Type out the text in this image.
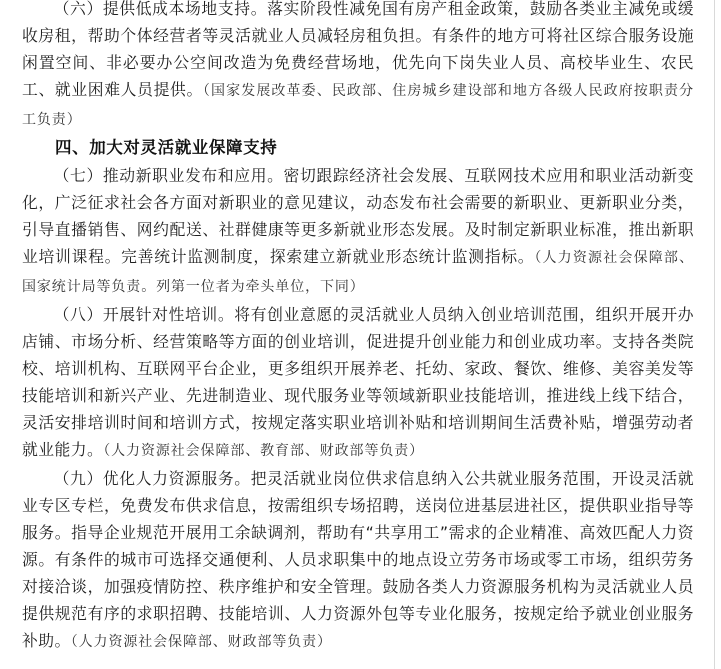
（六）提供低成本场地支持。落实阶段性减免国有房产租金政策，鼓励各类业主减免或缓收房租，帮助个体经营者等灵活就业人员减轻房租负担。有条件的地方可将社区综合服务设施闲置空间、非必要办公空间改造为免费经营场地，优先向下岗失业人员、高校毕业生、农民工、就业困难人员提供。（国家发展改革委、民政部、住房城乡建设部和地方各级人民政府按职责分工负责）

四、加大对灵活就业保障支持

（七）推动新职业发布和应用。密切跟踪经济社会发展、互联网技术应用和职业活动新变化，广泛征求社会各方面对新职业的意见建议，动态发布社会需要的新职业、更新职业分类，引导直播销售、网约配送、社群健康等更多新就业形态发展。及时制定新职业标准，推出新职业培训课程。完善统计监测制度，探索建立新就业形态统计监测指标。（人力资源社会保障部、国家统计局等负责。列第一位者为牵头单位，下同）

（八）开展针对性培训。将有创业意愿的灵活就业人员纳入创业培训范围，组织开展开办店铺、市场分析、经营策略等方面的创业培训，促进提升创业能力和创业成功率。支持各类院校、培训机构、互联网平台企业，更多组织开展养老、托幼、家政、餐饮、维修、美容美发等技能培训和新兴产业、先进制造业、现代服务业等领域新职业技能培训，推进线上线下结合，灵活安排培训时间和培训方式，按规定落实职业培训补贴和培训期间生活费补贴，增强劳动者就业能力。（人力资源社会保障部、教育部、财政部等负责）

（九）优化人力资源服务。把灵活就业岗位供求信息纳入公共就业服务范围，开设灵活就业专区专栏，免费发布供求信息，按需组织专场招聘，送岗位进基层进社区，提供职业指导等服务。指导企业规范开展用工余缺调剂，帮助有“共享用工”需求的企业精准、高效匹配人力资源。有条件的城市可选择交通便利、人员求职集中的地点设立劳务市场或零工市场，组织劳务对接洽谈，加强疫情防控、秩序维护和安全管理。鼓励各类人力资源服务机构为灵活就业人员提供规范有序的求职招聘、技能培训、人力资源外包等专业化服务，按规定给予就业创业服务补助。（人力资源社会保障部、财政部等负责）
